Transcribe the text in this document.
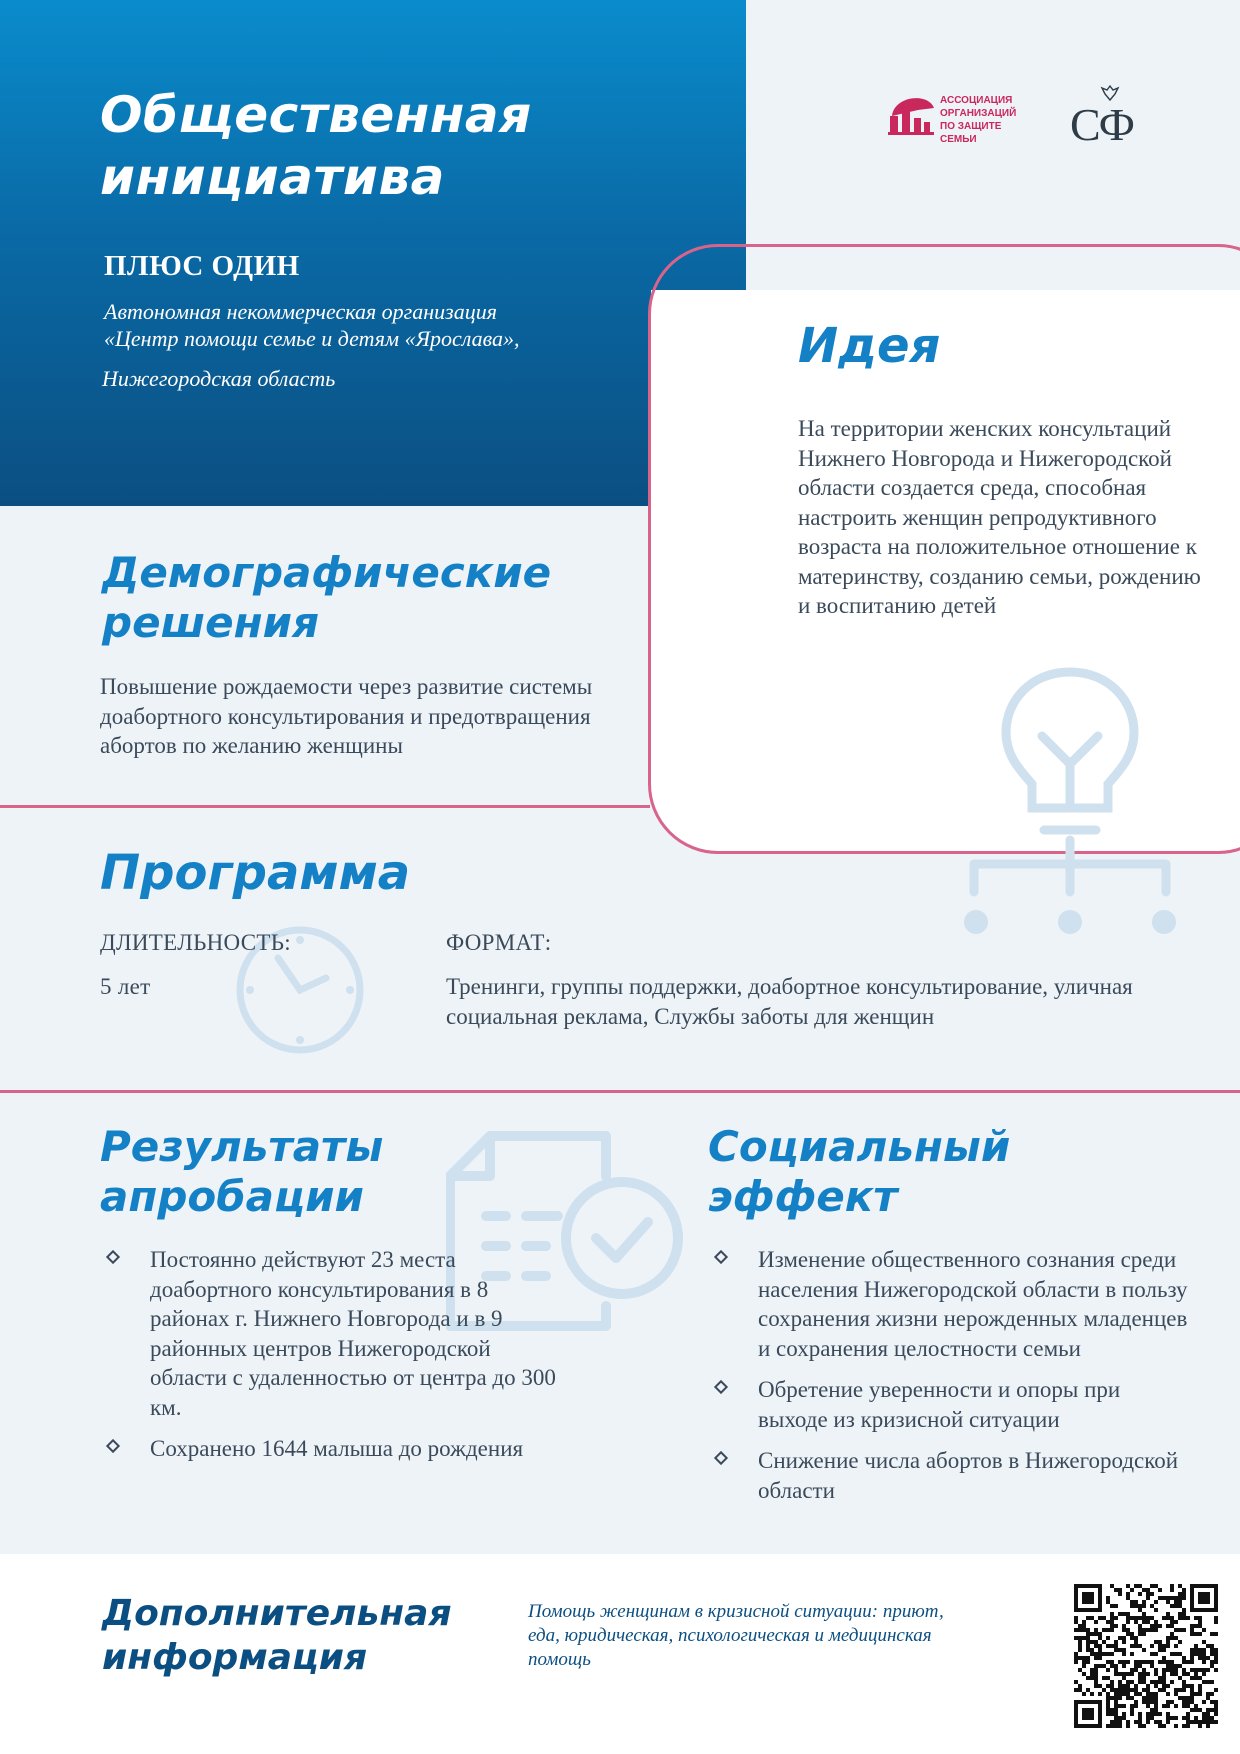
Общественная
инициатива
ПЛЮС ОДИН
Автономная некоммерческая организация
«Центр помощи семье и детям «Ярослава»,
Нижегородская область
АССОЦИАЦИЯ
ОРГАНИЗАЦИЙ
ПО ЗАЩИТЕ СЕМЬИ	СФ
Идея
На территории женских консультаций Нижнего Новгорода и Нижегородской области создается среда, способная настроить женщин репродуктивного возраста на положительное отношение к материнству, созданию семьи, рождению и воспитанию детей
Демографические
решения
Повышение рождаемости через развитие системы доабортного консультирования и предотвращения абортов по желанию женщины
Программа
ДЛИТЕЛЬНОСТЬ:
5 лет
ФОРМАТ:
Тренинги, группы поддержки, доабортное консультирование, уличная социальная реклама, Службы заботы для женщин
Результаты
апробации
Постоянно действуют 23 места доабортного консультирования в 8 районах г. Нижнего Новгорода и в 9 районных центров Нижегородской области с удаленностью от центра до 300 км.
Сохранено 1644 малыша до рождения
Социальный
эффект
Изменение общественного сознания среди населения Нижегородской области в пользу сохранения жизни нерожденных младенцев и сохранения целостности семьи
Обретение уверенности и опоры при выходе из кризисной ситуации
Снижение числа абортов в Нижегородской области
Дополнительная
информация
Помощь женщинам в кризисной ситуации: приют, еда, юридическая, психологическая и медицинская помощь
